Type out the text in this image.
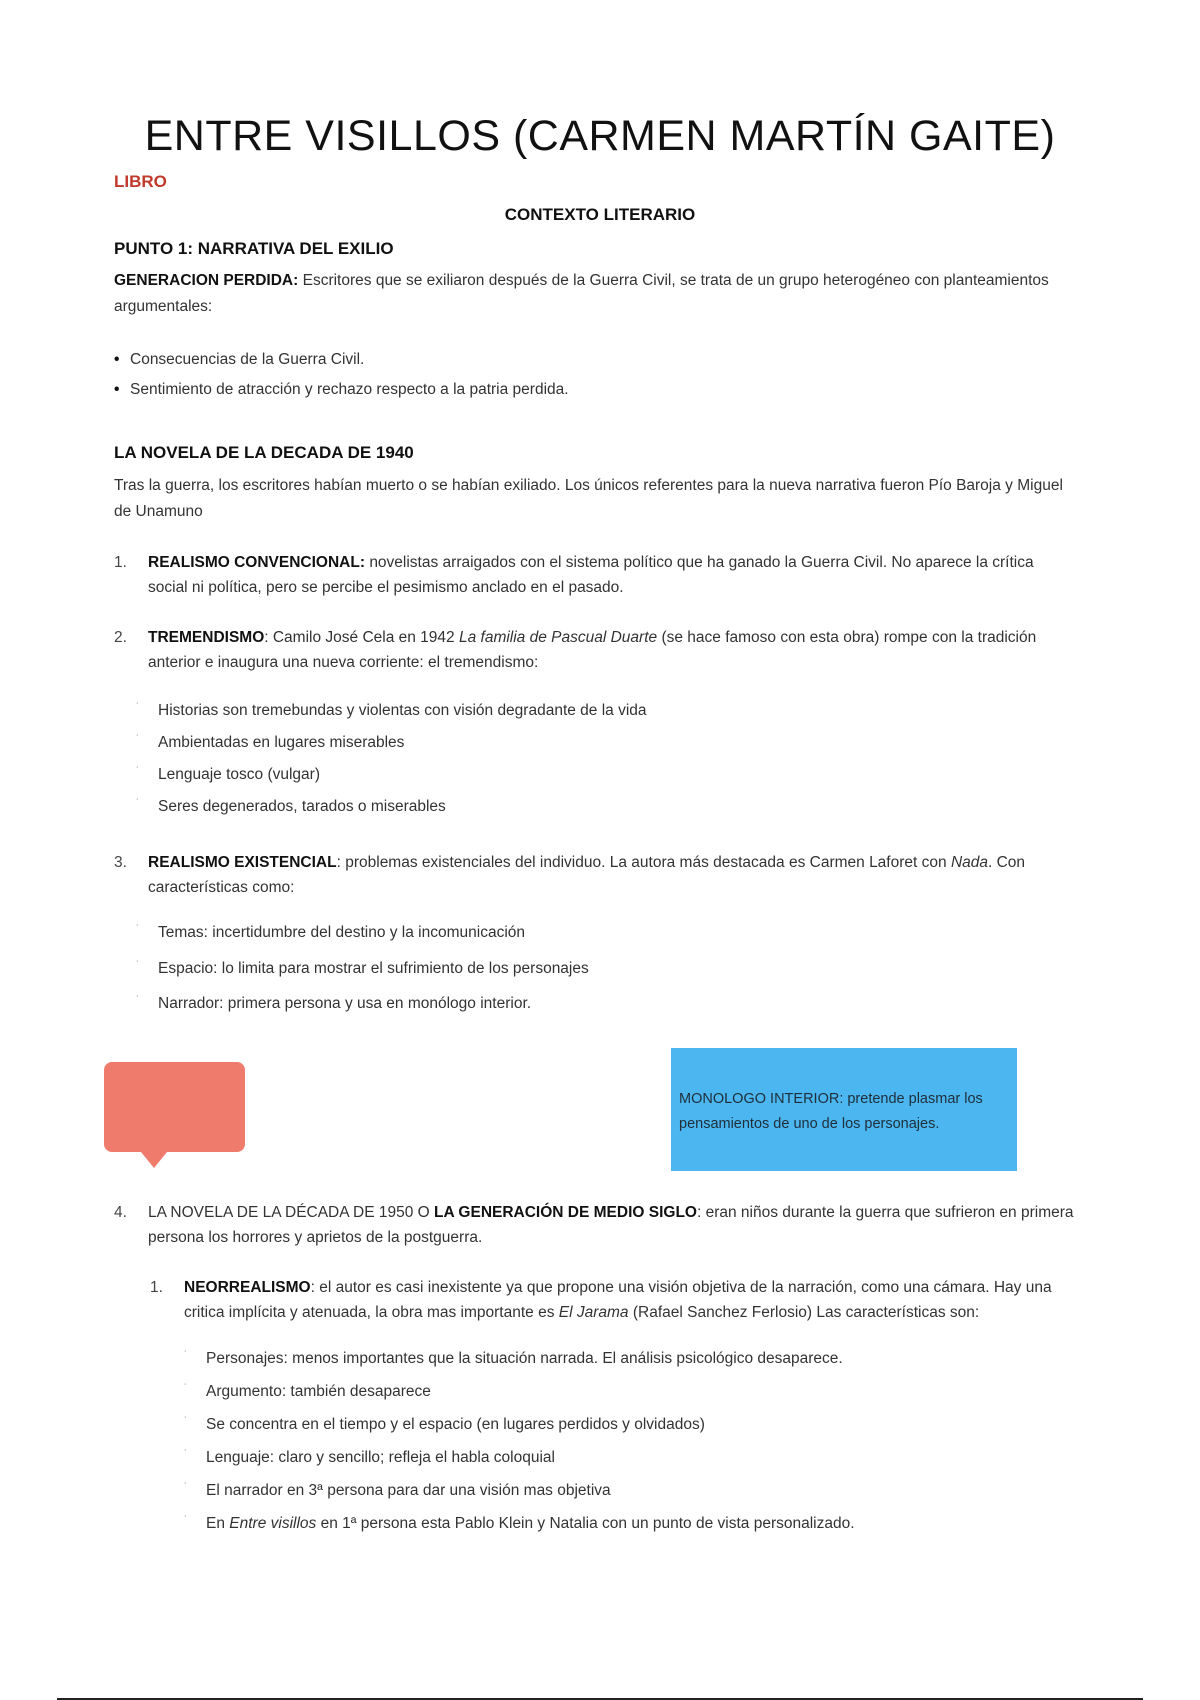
ENTRE VISILLOS (CARMEN MARTÍN GAITE)
LIBRO
CONTEXTO LITERARIO
PUNTO 1: NARRATIVA DEL EXILIO
GENERACION PERDIDA: Escritores que se exiliaron después de la Guerra Civil, se trata de un grupo heterogéneo con planteamientos argumentales:
• Consecuencias de la Guerra Civil.
• Sentimiento de atracción y rechazo respecto a la patria perdida.
LA NOVELA DE LA DECADA DE 1940
Tras la guerra, los escritores habían muerto o se habían exiliado. Los únicos referentes para la nueva narrativa fueron Pío Baroja y Miguel de Unamuno
1. REALISMO CONVENCIONAL: novelistas arraigados con el sistema político que ha ganado la Guerra Civil. No aparece la crítica social ni política, pero se percibe el pesimismo anclado en el pasado.
2. TREMENDISMO: Camilo José Cela en 1942 La familia de Pascual Duarte (se hace famoso con esta obra) rompe con la tradición anterior e inaugura una nueva corriente: el tremendismo:
˙ Historias son tremebundas y violentas con visión degradante de la vida
˙ Ambientadas en lugares miserables
˙ Lenguaje tosco (vulgar)
˙ Seres degenerados, tarados o miserables
3. REALISMO EXISTENCIAL: problemas existenciales del individuo. La autora más destacada es Carmen Laforet con Nada. Con características como:
˙ Temas: incertidumbre del destino y la incomunicación
˙ Espacio: lo limita para mostrar el sufrimiento de los personajes
˙ Narrador: primera persona y usa en monólogo interior.
MONOLOGO INTERIOR: pretende plasmar los pensamientos de uno de los personajes.
4. LA NOVELA DE LA DÉCADA DE 1950 O LA GENERACIÓN DE MEDIO SIGLO: eran niños durante la guerra que sufrieron en primera persona los horrores y aprietos de la postguerra.
1. NEORREALISMO: el autor es casi inexistente ya que propone una visión objetiva de la narración, como una cámara. Hay una critica implícita y atenuada, la obra mas importante es El Jarama (Rafael Sanchez Ferlosio) Las características son:
˙ Personajes: menos importantes que la situación narrada. El análisis psicológico desaparece.
˙ Argumento: también desaparece
˙ Se concentra en el tiempo y el espacio (en lugares perdidos y olvidados)
˙ Lenguaje: claro y sencillo; refleja el habla coloquial
˙ El narrador en 3ª persona para dar una visión mas objetiva
˙ En Entre visillos en 1ª persona esta Pablo Klein y Natalia con un punto de vista personalizado.
